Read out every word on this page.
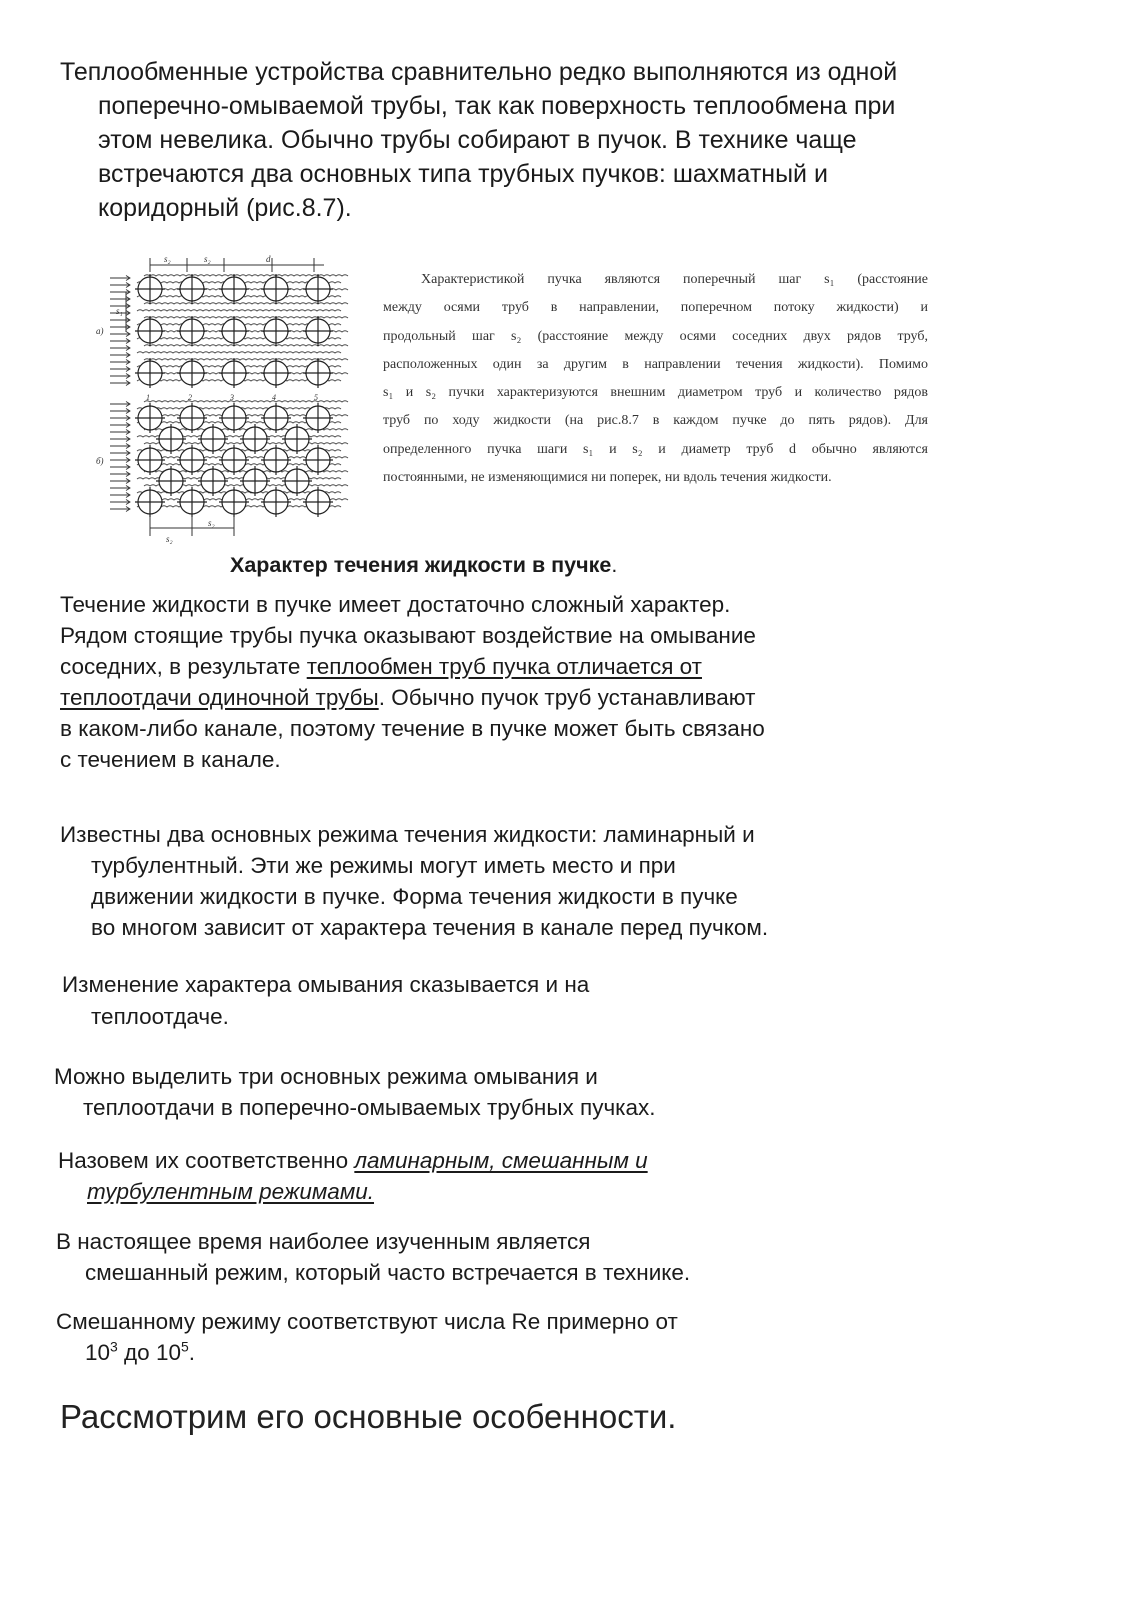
Теплообменные устройства сравнительно редко выполняются из одной
поперечно-омываемой трубы, так как поверхность теплообмена при
этом невелика. Обычно трубы собирают в пучок. В технике чаще
встречаются два основных типа трубных пучков: шахматный и
коридорный (рис.8.7).
s₂	s₂	d
s₁
а)
б)
1	2	3	4	5
s₂
s₂
Характеристикой пучка являются поперечный шаг s₁ (расстояние
между осями труб в направлении, поперечном потоку жидкости) и
продольный шаг s₂ (расстояние между осями соседних двух рядов труб,
расположенных один за другим в направлении течения жидкости). Помимо
s₁ и s₂ пучки характеризуются внешним диаметром труб и количество рядов
труб по ходу жидкости (на рис.8.7 в каждом пучке до пять рядов). Для
определенного пучка шаги s₁ и s₂ и диаметр труб d обычно являются
постоянными, не изменяющимися ни поперек, ни вдоль течения жидкости.
Характер течения жидкости в пучке.
Течение жидкости в пучке имеет достаточно сложный характер.
Рядом стоящие трубы пучка оказывают воздействие на омывание
соседних, в результате теплообмен труб пучка отличается от
теплоотдачи одиночной трубы. Обычно пучок труб устанавливают
в каком-либо канале, поэтому течение в пучке может быть связано
с течением в канале.
Известны два основных режима течения жидкости: ламинарный и
турбулентный. Эти же режимы могут иметь место и при
движении жидкости в пучке. Форма течения жидкости в пучке
во многом зависит от характера течения в канале перед пучком.
Изменение характера омывания сказывается и на
теплоотдаче.
Можно выделить три основных режима омывания и
теплоотдачи в поперечно-омываемых трубных пучках.
Назовем их соответственно ламинарным, смешанным и
турбулентным режимами.
В настоящее время наиболее изученным является
смешанный режим, который часто встречается в технике.
Смешанному режиму соответствуют числа Re примерно от
$10^3$ до $10^5$.
Рассмотрим его основные особенности.
